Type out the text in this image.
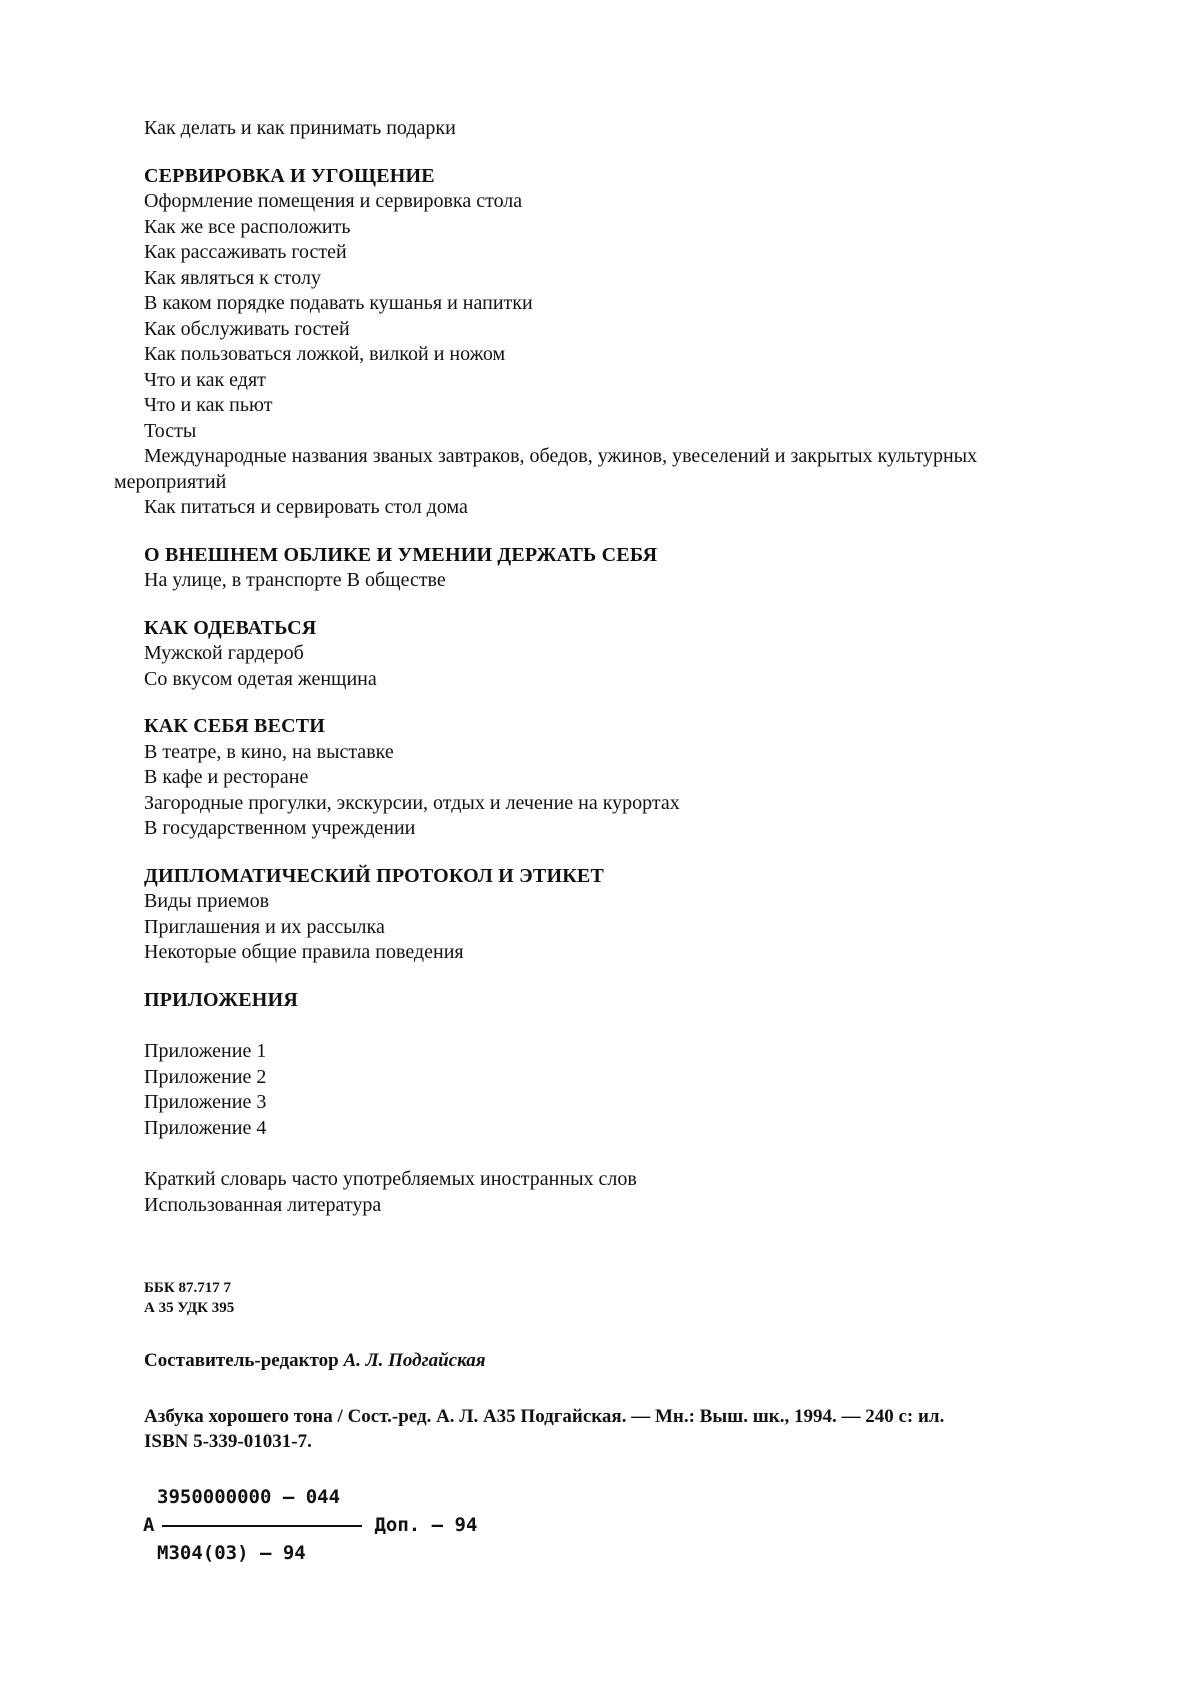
Как делать и как принимать подарки

СЕРВИРОВКА И УГОЩЕНИЕ

Оформление помещения и сервировка стола

Как же все расположить

Как рассаживать гостей

Как являться к столу

В каком порядке подавать кушанья и напитки

Как обслуживать гостей

Как пользоваться ложкой, вилкой и ножом

Что и как едят

Что и как пьют

Тосты

Международные названия званых завтраков, обедов, ужинов, увеселений и закрытых культурных
мероприятий

Как питаться и сервировать стол дома

О ВНЕШНЕМ ОБЛИКЕ И УМЕНИИ ДЕРЖАТЬ СЕБЯ

На улице, в транспорте В обществе

КАК ОДЕВАТЬСЯ

Мужской гардероб

Со вкусом одетая женщина

КАК СЕБЯ ВЕСТИ

В театре, в кино, на выставке

В кафе и ресторане

Загородные прогулки, экскурсии, отдых и лечение на курортах

В государственном учреждении

ДИПЛОМАТИЧЕСКИЙ ПРОТОКОЛ И ЭТИКЕТ

Виды приемов

Приглашения и их рассылка

Некоторые общие правила поведения

ПРИЛОЖЕНИЯ

Приложение 1

Приложение 2

Приложение 3

Приложение 4

Краткий словарь часто употребляемых иностранных слов

Использованная литература

ББК 87.717 7
А 35 УДК 395
Составитель-редактор А. Л. Подгайская
Азбука хорошего тона / Сост.-ред. А. Л. А35 Подгайская. — Мн.: Выш. шк., 1994. — 240 с: ил.
ISBN 5-339-01031-7.
3950000000 — 044
А	Доп. — 94
М304(03) — 94
